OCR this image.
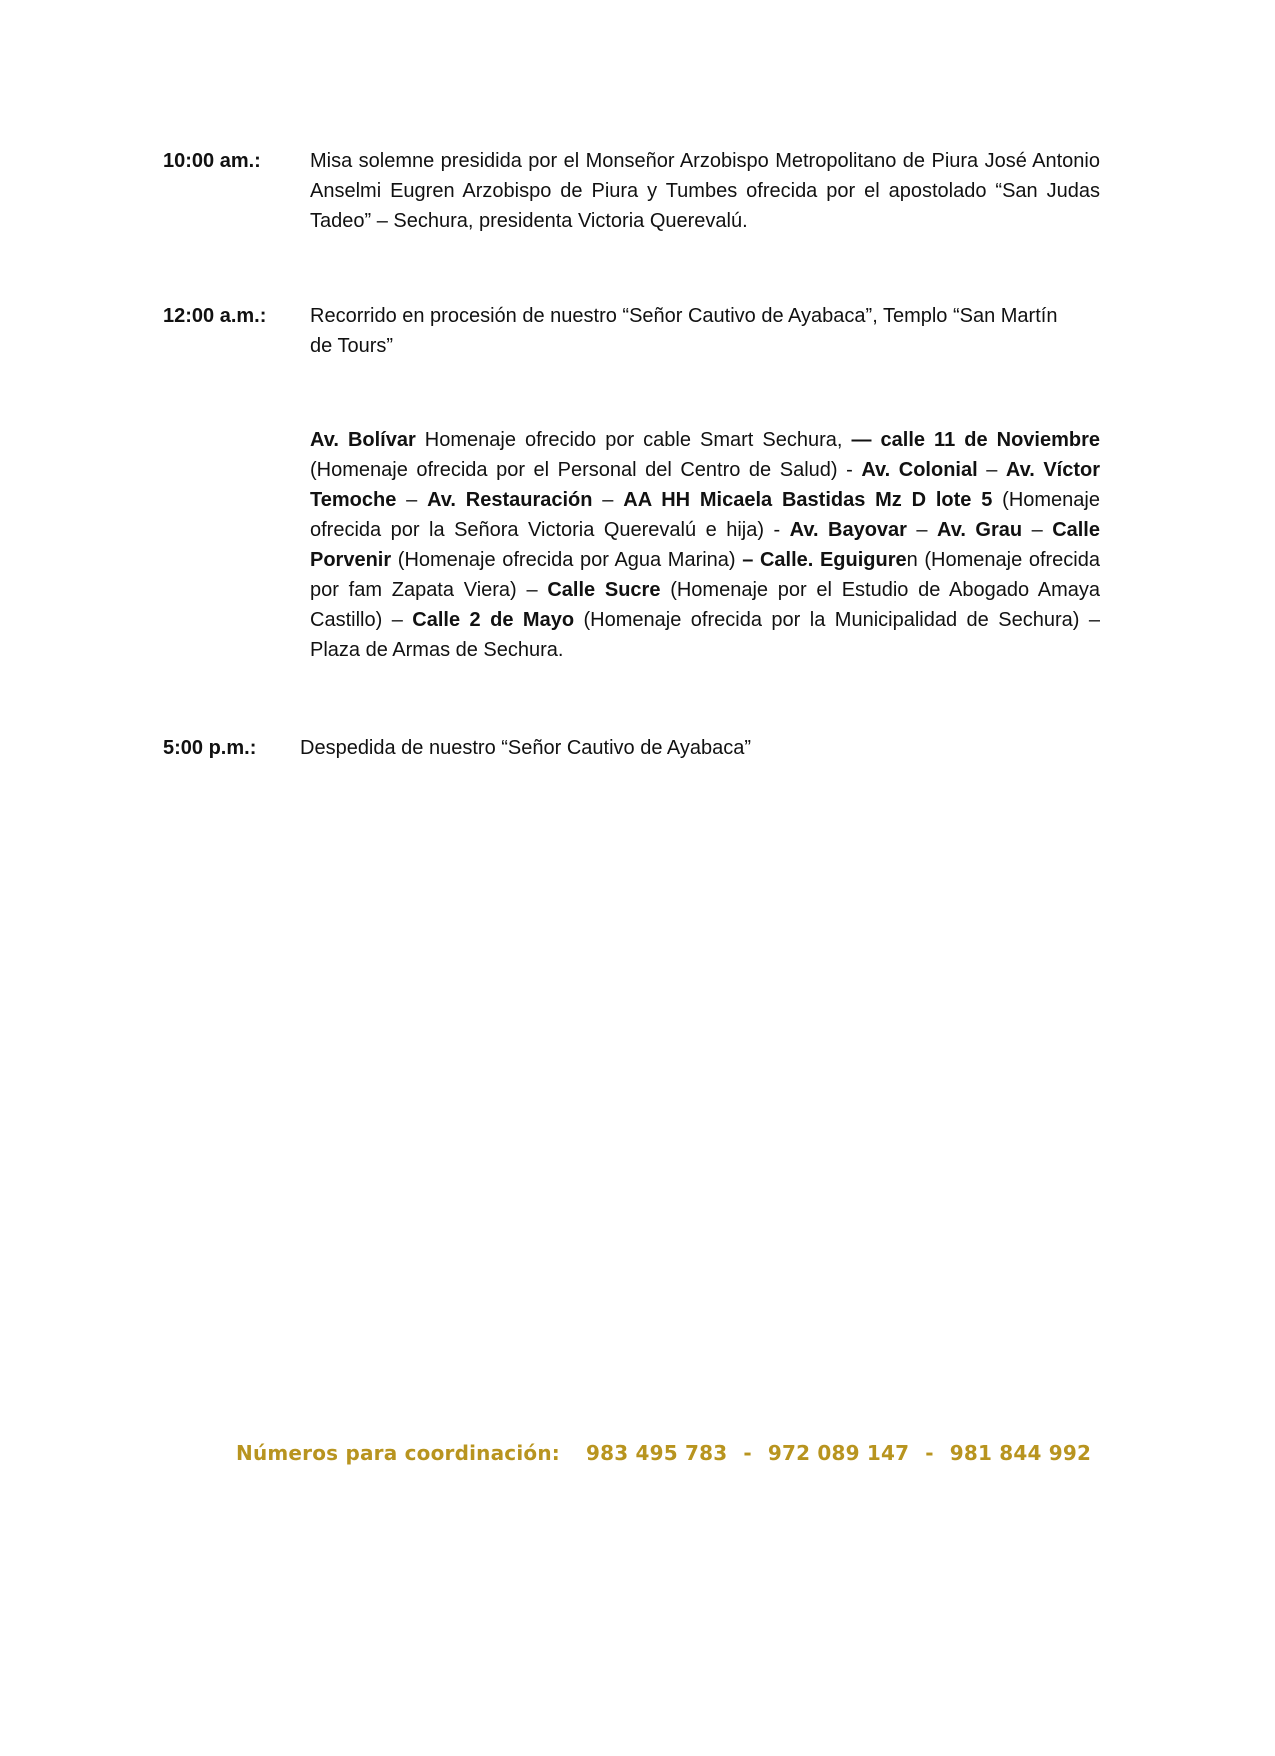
10:00 am.: Misa solemne presidida por el Monseñor Arzobispo Metropolitano de Piura José Antonio Anselmi Eugren Arzobispo de Piura y Tumbes ofrecida por el apostolado “San Judas Tadeo” – Sechura, presidenta Victoria Querevalú.
12:00 a.m.: Recorrido en procesión de nuestro “Señor Cautivo de Ayabaca”, Templo “San Martín de Tours”
Av. Bolívar Homenaje ofrecido por cable Smart Sechura, — calle 11 de Noviembre (Homenaje ofrecida por el Personal del Centro de Salud) - Av. Colonial – Av. Víctor Temoche – Av. Restauración – AA HH Micaela Bastidas Mz D lote 5 (Homenaje ofrecida por la Señora Victoria Querevalú e hija) - Av. Bayovar – Av. Grau – Calle Porvenir (Homenaje ofrecida por Agua Marina) – Calle. Eguiguren (Homenaje ofrecida por fam Zapata Viera) – Calle Sucre (Homenaje por el Estudio de Abogado Amaya Castillo) – Calle 2 de Mayo (Homenaje ofrecida por la Municipalidad de Sechura) – Plaza de Armas de Sechura.
5:00 p.m.: Despedida de nuestro “Señor Cautivo de Ayabaca”
Números para coordinación: 983 495 783 - 972 089 147 - 981 844 992
